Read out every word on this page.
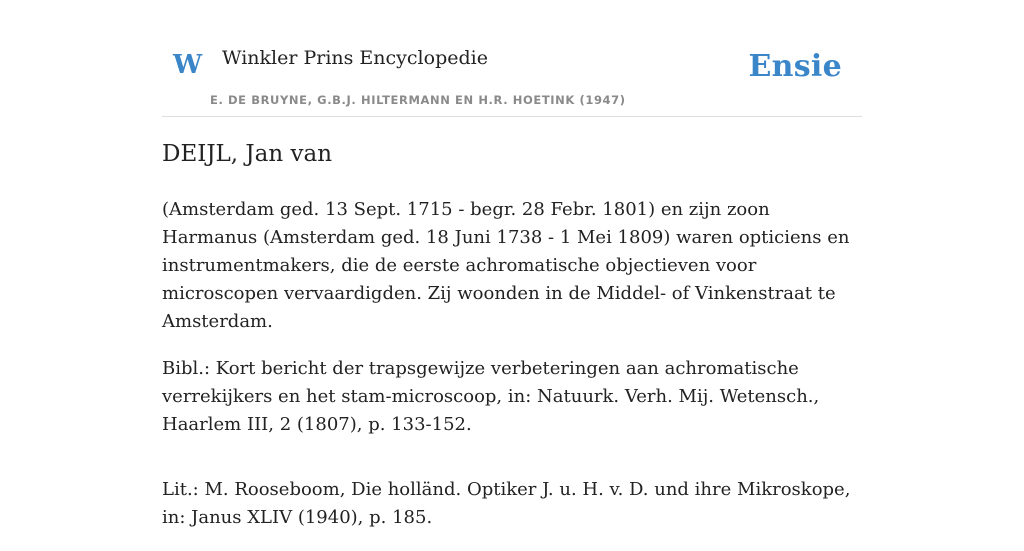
W Winkler Prins Encyclopedie
E. DE BRUYNE, G.B.J. HILTERMANN EN H.R. HOETINK (1947)
Ensie
DEIJL, Jan van

(Amsterdam ged. 13 Sept. 1715 - begr. 28 Febr. 1801) en zijn zoon Harmanus (Amsterdam ged. 18 Juni 1738 - 1 Mei 1809) waren opticiens en instrumentmakers, die de eerste achromatische objectieven voor microscopen vervaardigden. Zij woonden in de Middel- of Vinkenstraat te Amsterdam.

Bibl.: Kort bericht der trapsgewijze verbeteringen aan achromatische verrekijkers en het stam-microscoop, in: Natuurk. Verh. Mij. Wetensch., Haarlem III, 2 (1807), p. 133-152.

Lit.: M. Rooseboom, Die holländ. Optiker J. u. H. v. D. und ihre Mikroskope, in: Janus XLIV (1940), p. 185.
